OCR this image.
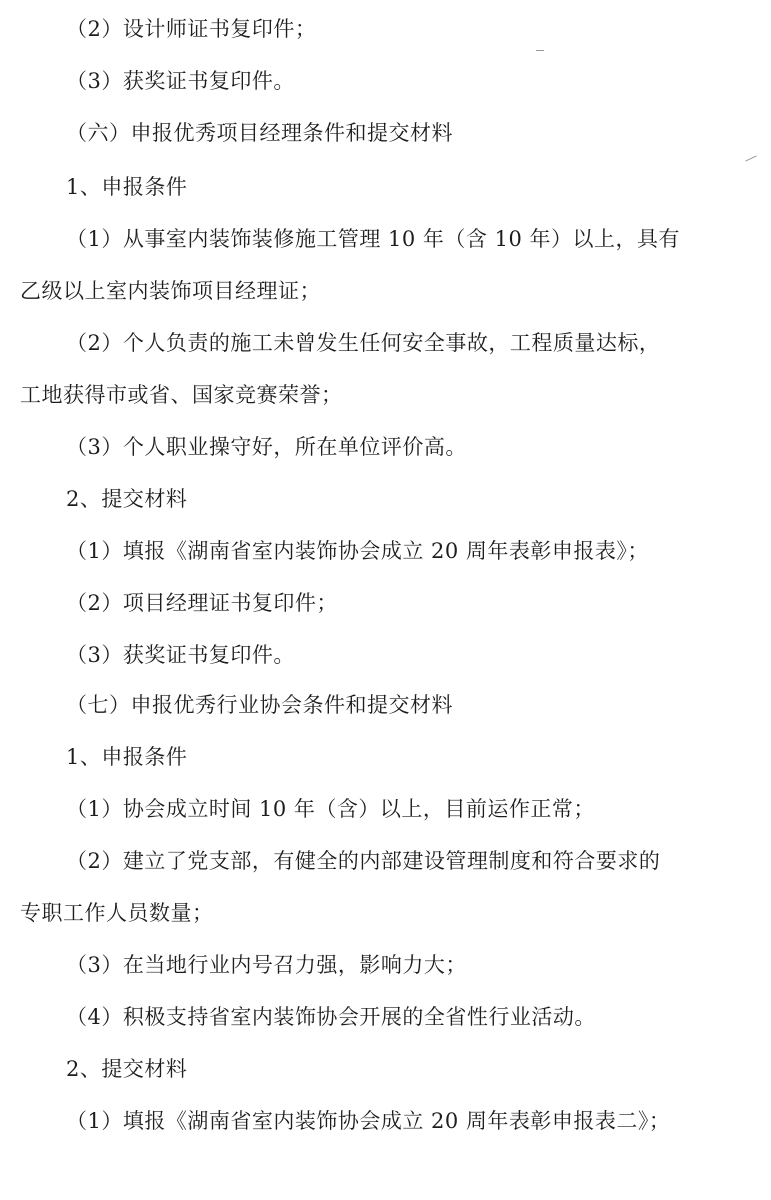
（2）设计师证书复印件；
（3）获奖证书复印件。
（六）申报优秀项目经理条件和提交材料
1、申报条件
（1）从事室内装饰装修施工管理 10 年（含 10 年）以上，具有
乙级以上室内装饰项目经理证；
（2）个人负责的施工未曾发生任何安全事故，工程质量达标，
工地获得市或省、国家竞赛荣誉；
（3）个人职业操守好，所在单位评价高。
2、提交材料
（1）填报《湖南省室内装饰协会成立 20 周年表彰申报表》；
（2）项目经理证书复印件；
（3）获奖证书复印件。
（七）申报优秀行业协会条件和提交材料
1、申报条件
（1）协会成立时间 10 年（含）以上，目前运作正常；
（2）建立了党支部，有健全的内部建设管理制度和符合要求的
专职工作人员数量；
（3）在当地行业内号召力强，影响力大；
（4）积极支持省室内装饰协会开展的全省性行业活动。
2、提交材料
（1）填报《湖南省室内装饰协会成立 20 周年表彰申报表二》；
